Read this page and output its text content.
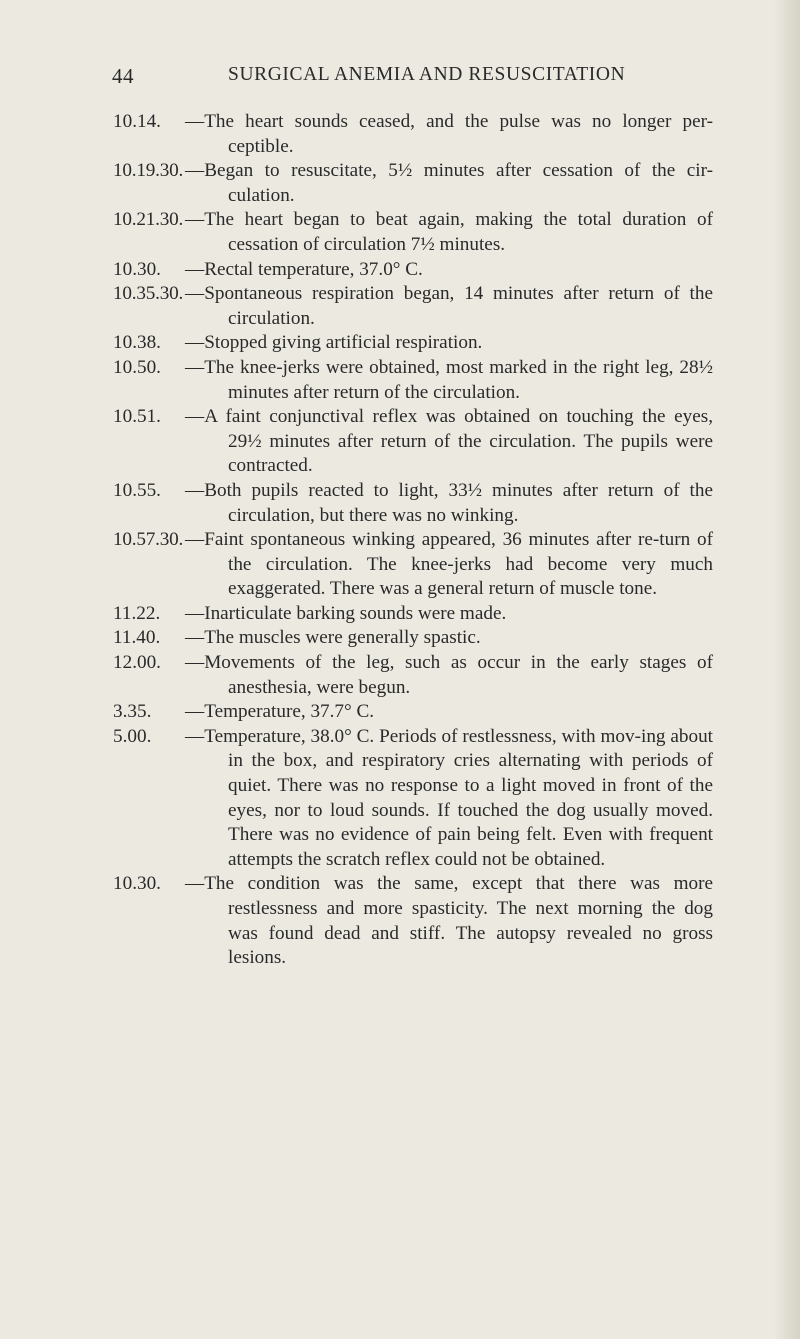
44	SURGICAL ANEMIA AND RESUSCITATION
10.14. —The heart sounds ceased, and the pulse was no longer per-ceptible.
10.19.30. —Began to resuscitate, 5½ minutes after cessation of the cir-culation.
10.21.30. —The heart began to beat again, making the total duration of cessation of circulation 7½ minutes.
10.30. —Rectal temperature, 37.0° C.
10.35.30. —Spontaneous respiration began, 14 minutes after return of the circulation.
10.38. —Stopped giving artificial respiration.
10.50. —The knee-jerks were obtained, most marked in the right leg, 28½ minutes after return of the circulation.
10.51. —A faint conjunctival reflex was obtained on touching the eyes, 29½ minutes after return of the circulation. The pupils were contracted.
10.55. —Both pupils reacted to light, 33½ minutes after return of the circulation, but there was no winking.
10.57.30. —Faint spontaneous winking appeared, 36 minutes after re-turn of the circulation. The knee-jerks had become very much exaggerated. There was a general return of muscle tone.
11.22. —Inarticulate barking sounds were made.
11.40. —The muscles were generally spastic.
12.00. —Movements of the leg, such as occur in the early stages of anesthesia, were begun.
3.35. —Temperature, 37.7° C.
5.00. —Temperature, 38.0° C. Periods of restlessness, with mov-ing about in the box, and respiratory cries alternating with periods of quiet. There was no response to a light moved in front of the eyes, nor to loud sounds. If touched the dog usually moved. There was no evidence of pain being felt. Even with frequent attempts the scratch reflex could not be obtained.
10.30. —The condition was the same, except that there was more restlessness and more spasticity. The next morning the dog was found dead and stiff. The autopsy revealed no gross lesions.
